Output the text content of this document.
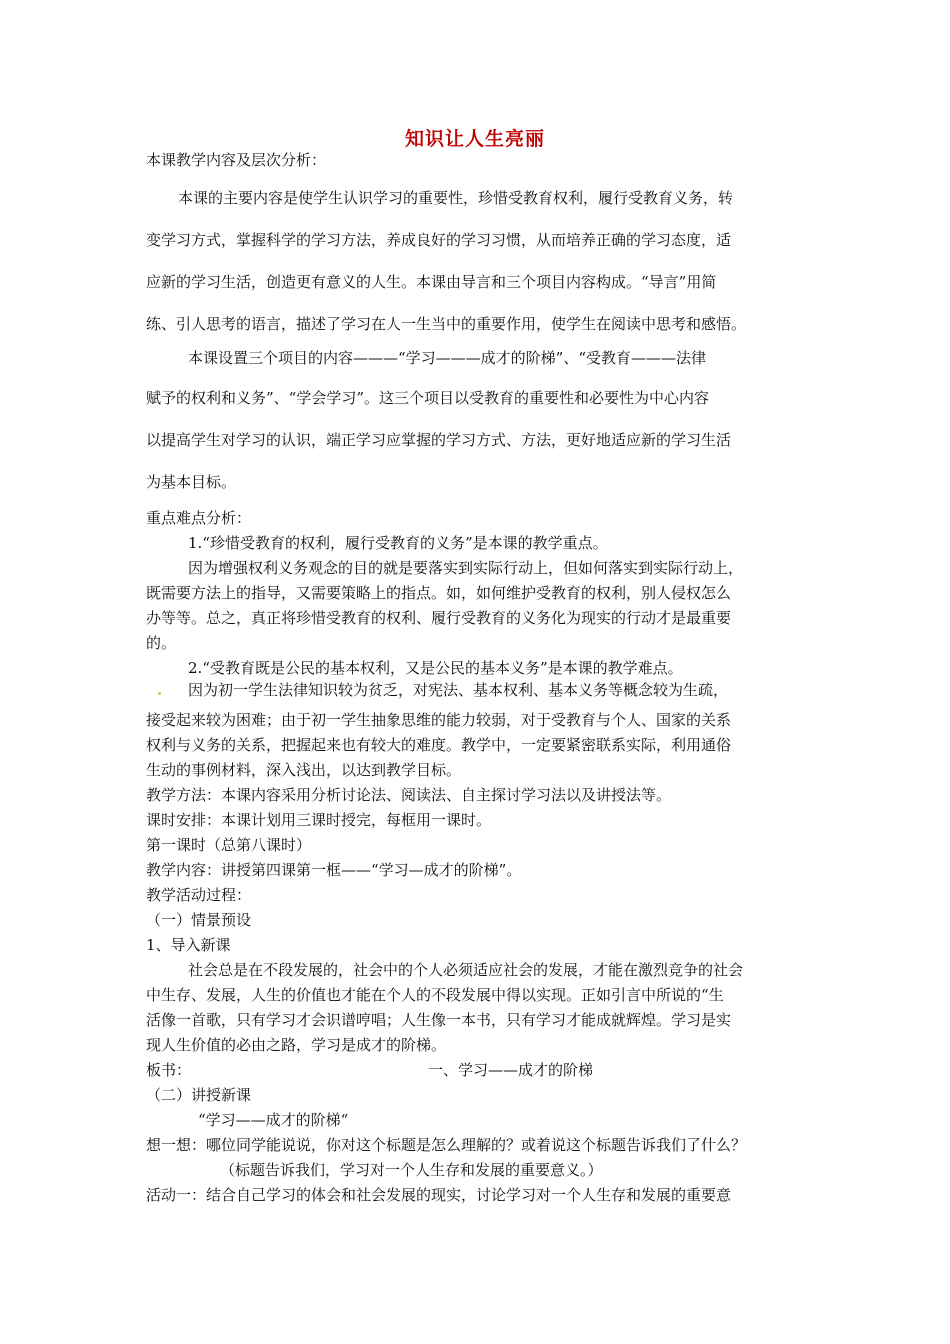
知识让人生亮丽
本课教学内容及层次分析：
本课的主要内容是使学生认识学习的重要性，珍惜受教育权利，履行受教育义务，转
变学习方式，掌握科学的学习方法，养成良好的学习习惯，从而培养正确的学习态度，适
应新的学习生活，创造更有意义的人生。本课由导言和三个项目内容构成。“导言”用简
练、引人思考的语言，描述了学习在人一生当中的重要作用，使学生在阅读中思考和感悟。
本课设置三个项目的内容———“学习———成才的阶梯”、“受教育———法律
赋予的权利和义务”、“学会学习”。这三个项目以受教育的重要性和必要性为中心内容
以提高学生对学习的认识，端正学习应掌握的学习方式、方法，更好地适应新的学习生活
为基本目标。
重点难点分析：
1.“珍惜受教育的权利，履行受教育的义务”是本课的教学重点。
因为增强权利义务观念的目的就是要落实到实际行动上，但如何落实到实际行动上，
既需要方法上的指导，又需要策略上的指点。如，如何维护受教育的权利，别人侵权怎么
办等等。总之，真正将珍惜受教育的权利、履行受教育的义务化为现实的行动才是最重要
的。
2.“受教育既是公民的基本权利，又是公民的基本义务”是本课的教学难点。
因为初一学生法律知识较为贫乏，对宪法、基本权利、基本义务等概念较为生疏，
接受起来较为困难；由于初一学生抽象思维的能力较弱，对于受教育与个人、国家的关系
权利与义务的关系，把握起来也有较大的难度。教学中，一定要紧密联系实际，利用通俗
生动的事例材料，深入浅出，以达到教学目标。
教学方法：本课内容采用分析讨论法、阅读法、自主探讨学习法以及讲授法等。
课时安排：本课计划用三课时授完，每框用一课时。
第一课时（总第八课时）
教学内容：讲授第四课第一框——“学习—成才的阶梯”。
教学活动过程：
（一）情景预设
1、导入新课
社会总是在不段发展的，社会中的个人必须适应社会的发展，才能在激烈竞争的社会
中生存、发展，人生的价值也才能在个人的不段发展中得以实现。正如引言中所说的“生
活像一首歌，只有学习才会识谱哼唱；人生像一本书，只有学习才能成就辉煌。学习是实
现人生价值的必由之路，学习是成才的阶梯。
板书：	一、学习——成才的阶梯
（二）讲授新课
“学习——成才的阶梯“
想一想：哪位同学能说说，你对这个标题是怎么理解的？或着说这个标题告诉我们了什么？
（标题告诉我们，学习对一个人生存和发展的重要意义。）
活动一：结合自己学习的体会和社会发展的现实，讨论学习对一个人生存和发展的重要意
